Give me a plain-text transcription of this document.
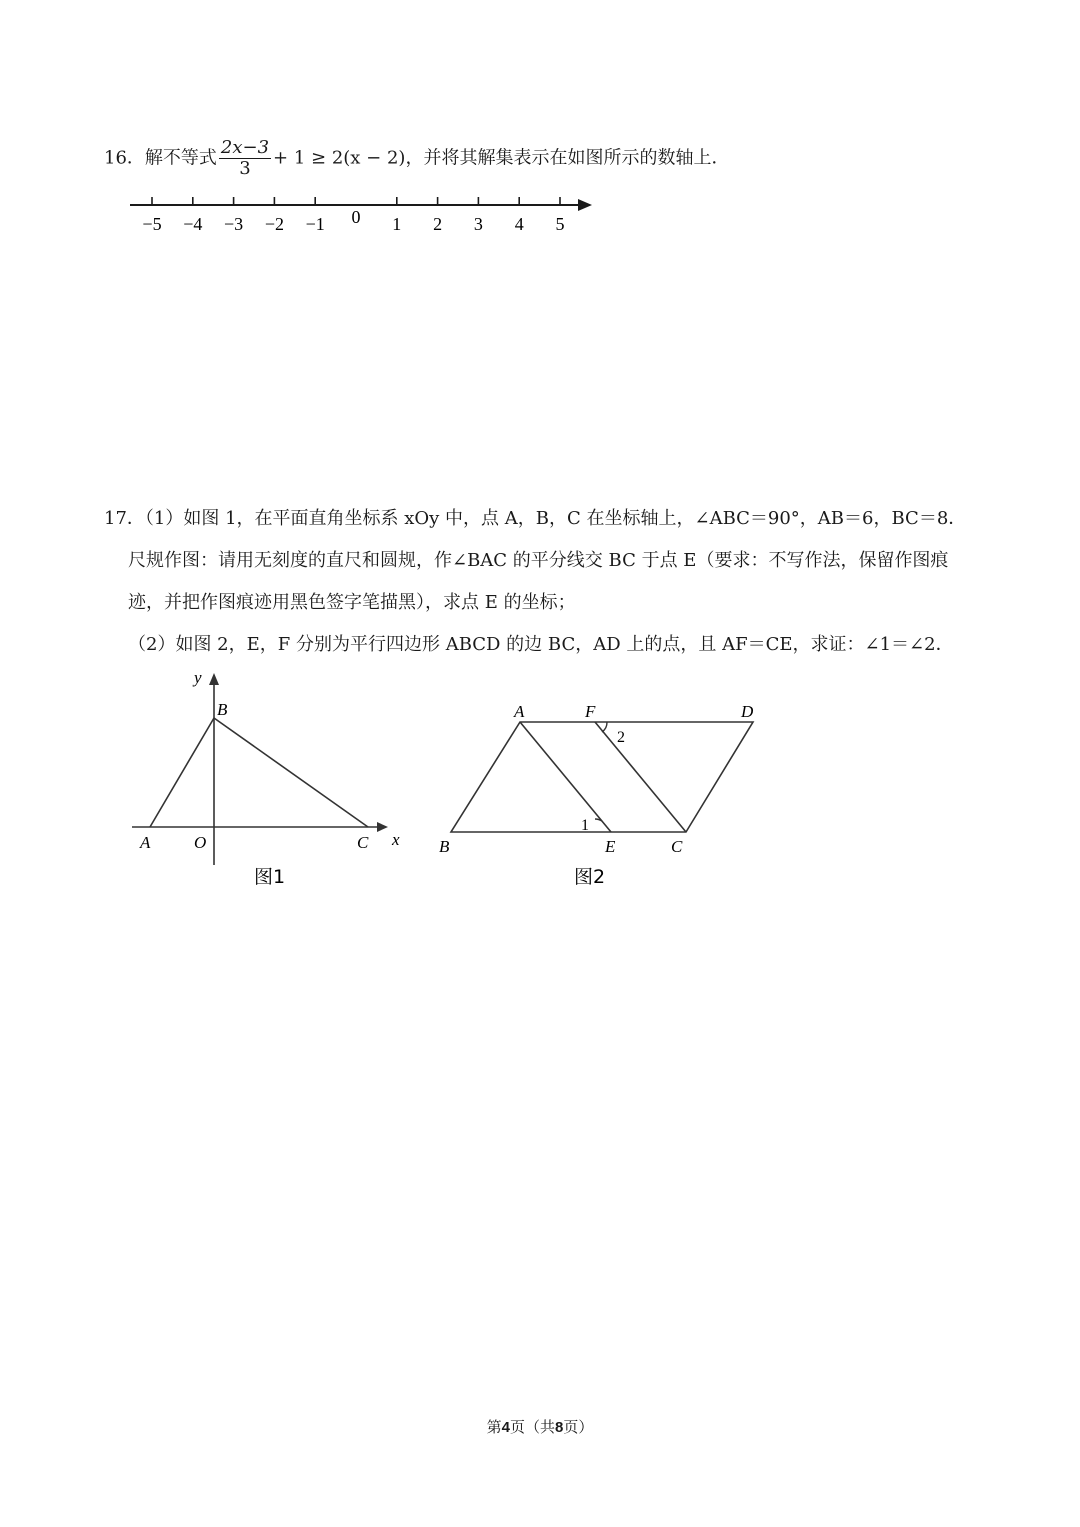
16．解不等式 $\frac{2x-3}{3} + 1 \ge 2(x - 2)$，并将其解集表示在如图所示的数轴上．
−5 −4 −3 −2 −1 0 1 2 3 4 5
17．（1）如图 1，在平面直角坐标系 xOy 中，点 A，B，C 在坐标轴上，∠ABC＝90°，AB＝6，BC＝8．
尺规作图：请用无刻度的直尺和圆规，作∠BAC 的平分线交 BC 于点 E（要求：不写作法，保留作图痕
迹，并把作图痕迹用黑色签字笔描黑），求点 E 的坐标；
（2）如图 2，E，F 分别为平行四边形 ABCD 的边 BC，AD 上的点，且 AF＝CE，求证：∠1＝∠2．
y
x
B
A	O	C
图1
A	F	D
B	E	C
1
2
图2
第4页（共8页）
